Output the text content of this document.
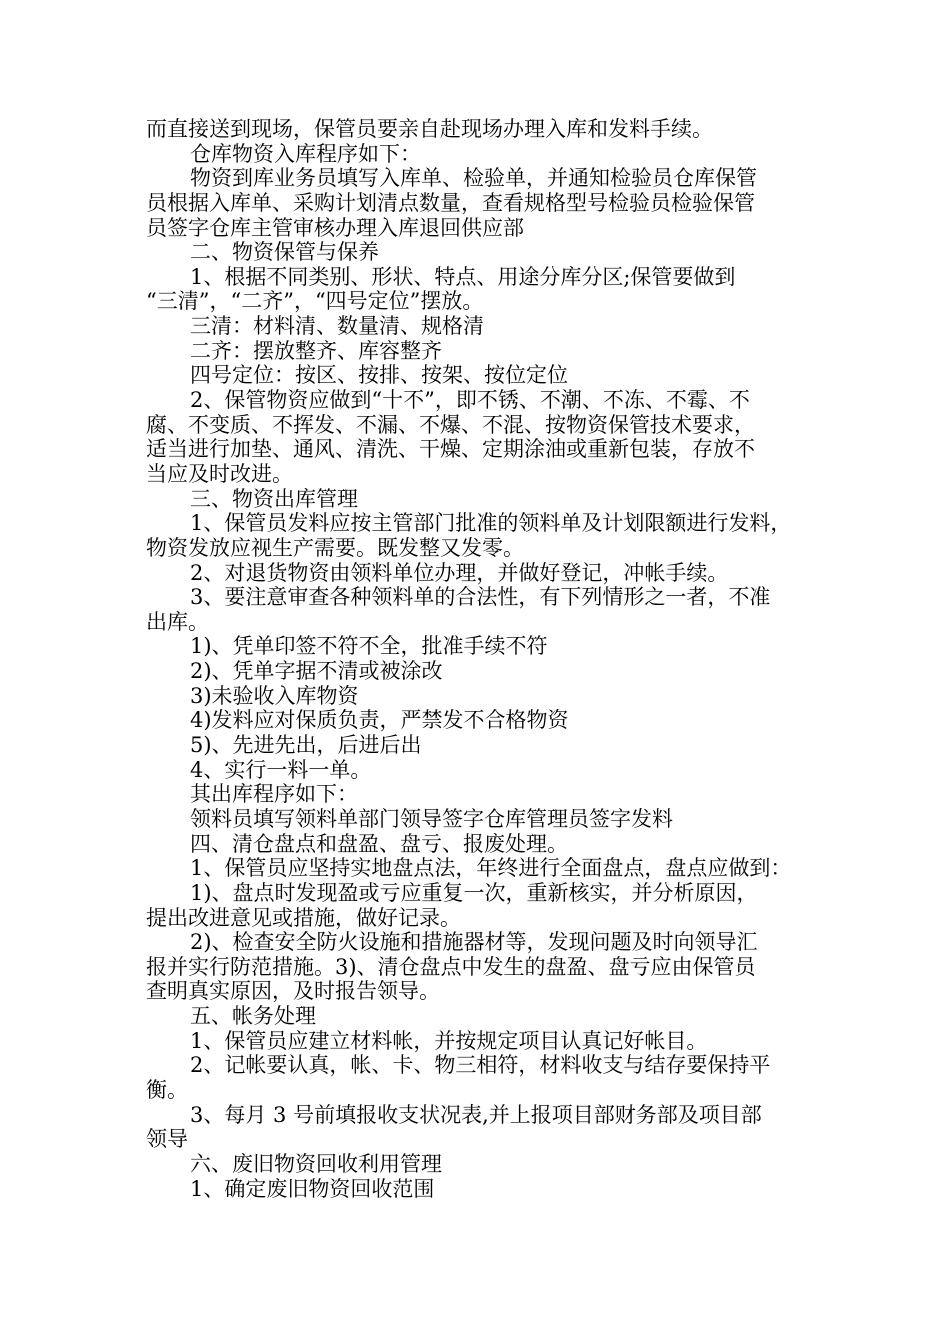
而直接送到现场，保管员要亲自赴现场办理入库和发料手续。
仓库物资入库程序如下：
物资到库业务员填写入库单、检验单，并通知检验员仓库保管
员根据入库单、采购计划清点数量，查看规格型号检验员检验保管
员签字仓库主管审核办理入库退回供应部
二、物资保管与保养
1、根据不同类别、形状、特点、用途分库分区;保管要做到
“三清”，“二齐”，“四号定位”摆放。
三清：材料清、数量清、规格清
二齐：摆放整齐、库容整齐
四号定位：按区、按排、按架、按位定位
2、保管物资应做到“十不”，即不锈、不潮、不冻、不霉、不
腐、不变质、不挥发、不漏、不爆、不混、按物资保管技术要求，
适当进行加垫、通风、清洗、干燥、定期涂油或重新包装，存放不
当应及时改进。
三、物资出库管理
1、保管员发料应按主管部门批准的领料单及计划限额进行发料，
物资发放应视生产需要。既发整又发零。
2、对退货物资由领料单位办理，并做好登记，冲帐手续。
3、要注意审查各种领料单的合法性，有下列情形之一者，不准
出库。
1)、凭单印签不符不全，批准手续不符
2)、凭单字据不清或被涂改
3)未验收入库物资
4)发料应对保质负责，严禁发不合格物资
5)、先进先出，后进后出
4、实行一料一单。
其出库程序如下：
领料员填写领料单部门领导签字仓库管理员签字发料
四、清仓盘点和盘盈、盘亏、报废处理。
1、保管员应坚持实地盘点法，年终进行全面盘点，盘点应做到：
1)、盘点时发现盈或亏应重复一次，重新核实，并分析原因，
提出改进意见或措施，做好记录。
2)、检查安全防火设施和措施器材等，发现问题及时向领导汇
报并实行防范措施。3)、清仓盘点中发生的盘盈、盘亏应由保管员
查明真实原因，及时报告领导。
五、帐务处理
1、保管员应建立材料帐，并按规定项目认真记好帐目。
2、记帐要认真，帐、卡、物三相符，材料收支与结存要保持平
衡。
3、每月 3 号前填报收支状况表,并上报项目部财务部及项目部
领导
六、废旧物资回收利用管理
1、确定废旧物资回收范围
